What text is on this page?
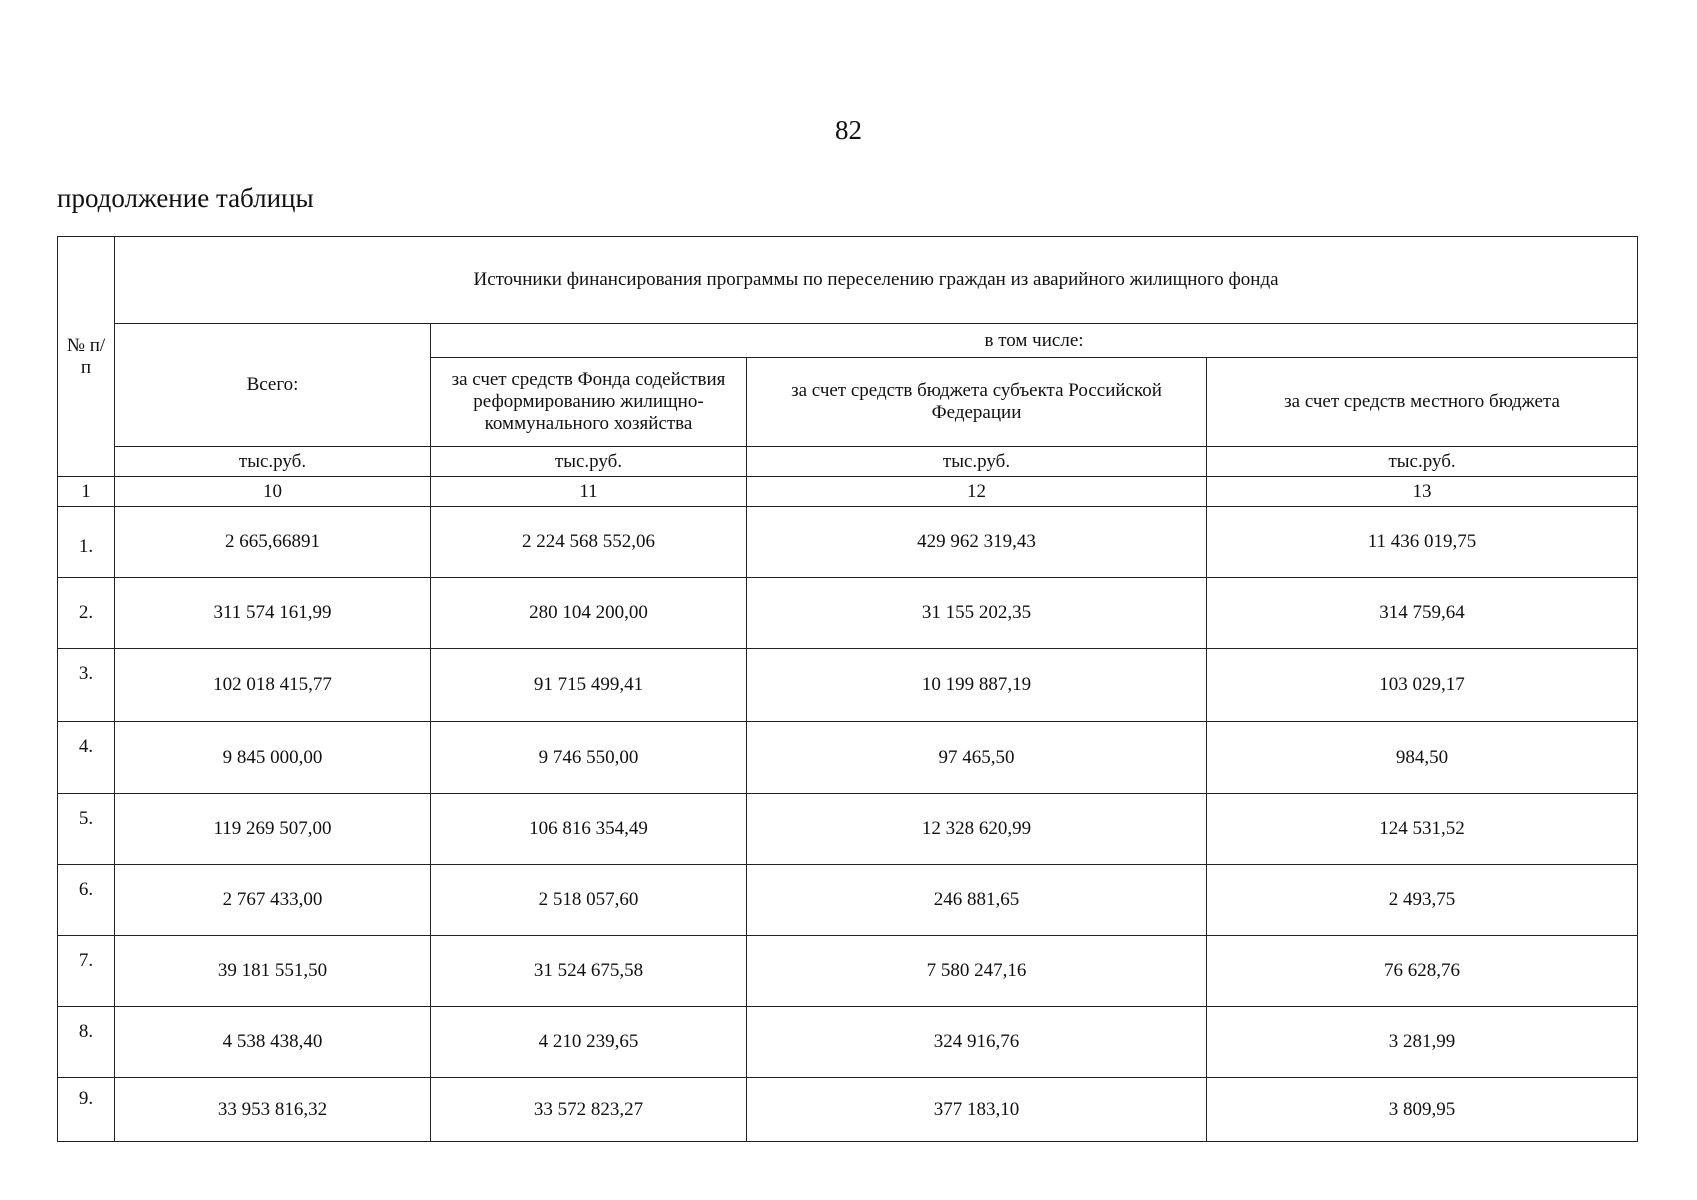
82
продолжение таблицы
№ п/п	Источники финансирования программы по переселению граждан из аварийного жилищного фонда			
	Всего:	в том числе:		
		за счет средств Фонда содействия реформированию жилищно-коммунального хозяйства	за счет средств бюджета субъекта Российской Федерации	за счет средств местного бюджета
	тыс.руб.	тыс.руб.	тыс.руб.	тыс.руб.
1	10	11	12	13
1.	2 665,66891	2 224 568 552,06	429 962 319,43	11 436 019,75
2.	311 574 161,99	280 104 200,00	31 155 202,35	314 759,64
3.	102 018 415,77	91 715 499,41	10 199 887,19	103 029,17
4.	9 845 000,00	9 746 550,00	97 465,50	984,50
5.	119 269 507,00	106 816 354,49	12 328 620,99	124 531,52
6.	2 767 433,00	2 518 057,60	246 881,65	2 493,75
7.	39 181 551,50	31 524 675,58	7 580 247,16	76 628,76
8.	4 538 438,40	4 210 239,65	324 916,76	3 281,99
9.	33 953 816,32	33 572 823,27	377 183,10	3 809,95
